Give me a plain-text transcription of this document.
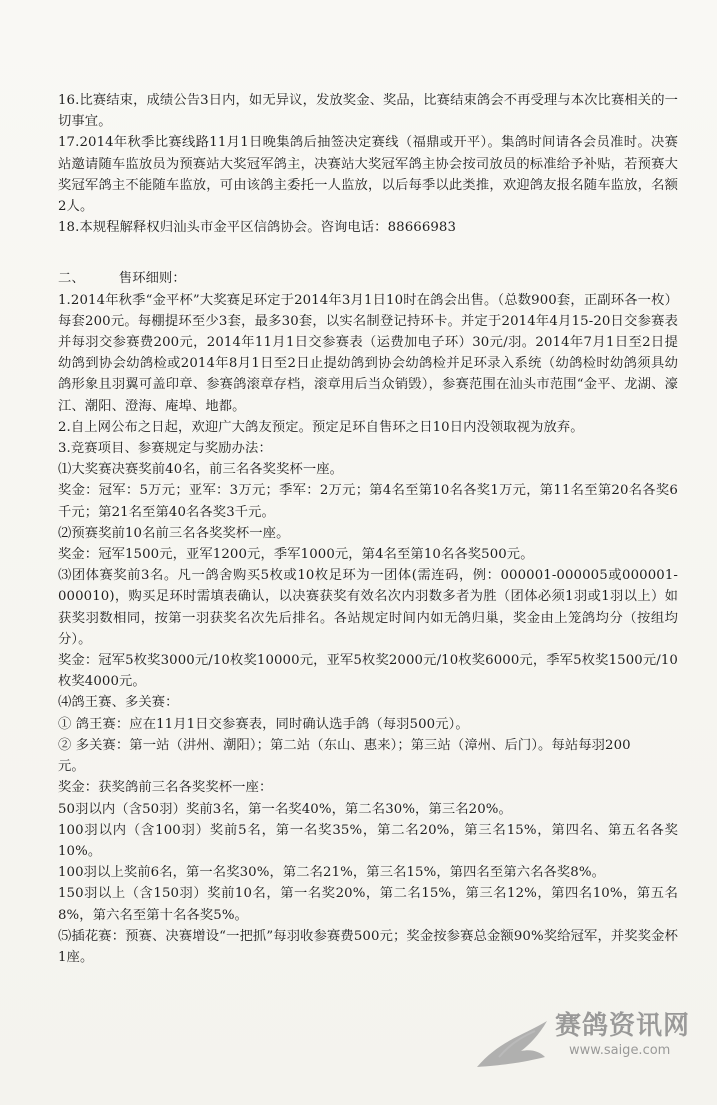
16.比赛结束，成绩公告3日内，如无异议，发放奖金、奖品，比赛结束鸽会不再受理与本次比赛相关的一切事宜。

17.2014年秋季比赛线路11月1日晚集鸽后抽签决定赛线（福鼎或开平）。集鸽时间请各会员准时。决赛站邀请随车监放员为预赛站大奖冠军鸽主，决赛站大奖冠军鸽主协会按司放员的标准给予补贴，若预赛大奖冠军鸽主不能随车监放，可由该鸽主委托一人监放，以后每季以此类推，欢迎鸽友报名随车监放，名额2人。

18.本规程解释权归汕头市金平区信鸽协会。咨询电话：88666983

二、	售环细则：

1.2014年秋季“金平杯”大奖赛足环定于2014年3月1日10时在鸽会出售。（总数900套，正副环各一枚）每套200元。每棚提环至少3套，最多30套，以实名制登记持环卡。并定于2014年4月15-20日交参赛表并每羽交参赛费200元，2014年11月1日交参赛表（运费加电子环）30元/羽。2014年7月1日至2日提幼鸽到协会幼鸽检或2014年8月1日至2日止提幼鸽到协会幼鸽检并足环录入系统（幼鸽检时幼鸽须具幼鸽形象且羽翼可盖印章、参赛鸽滚章存档，滚章用后当众销毁），参赛范围在汕头市范围“金平、龙湖、濠江、潮阳、澄海、庵埠、地都。

2.自上网公布之日起，欢迎广大鸽友预定。预定足环自售环之日10日内没领取视为放弃。

3.竞赛项目、参赛规定与奖励办法：

⑴大奖赛决赛奖前40名，前三名各奖奖杯一座。

奖金：冠军：5万元；亚军：3万元；季军：2万元；第4名至第10名各奖1万元，第11名至第20名各奖6千元；第21名至第40名各奖3千元。

⑵预赛奖前10名前三名各奖奖杯一座。

奖金：冠军1500元，亚军1200元，季军1000元，第4名至第10名各奖500元。

⑶团体赛奖前3名。凡一鸽舍购买5枚或10枚足环为一团体(需连码，例：000001-000005或000001-000010)，购买足环时需填表确认，以决赛获奖有效名次内羽数多者为胜（团体必须1羽或1羽以上）如获奖羽数相同，按第一羽获奖名次先后排名。各站规定时间内如无鸽归巢，奖金由上笼鸽均分（按组均分）。

奖金：冠军5枚奖3000元/10枚奖10000元，亚军5枚奖2000元/10枚奖6000元，季军5枚奖1500元/10枚奖4000元。

⑷鸽王赛、多关赛：

① 鸽王赛：应在11月1日交参赛表，同时确认选手鸽（每羽500元）。

② 多关赛：第一站（汫州、潮阳）；第二站（东山、惠来）；第三站（漳州、后门）。每站每羽200

元。

奖金：获奖鸽前三名各奖奖杯一座：

50羽以内（含50羽）奖前3名，第一名奖40%，第二名30%，第三名20%。

100羽以内（含100羽）奖前5名，第一名奖35%，第二名20%，第三名15%，第四名、第五名各奖10%。

100羽以上奖前6名，第一名奖30%，第二名21%，第三名15%，第四名至第六名各奖8%。

150羽以上（含150羽）奖前10名，第一名奖20%，第二名15%，第三名12%，第四名10%，第五名8%，第六名至第十名各奖5%。

⑸插花赛：预赛、决赛增设“一把抓”每羽收参赛费500元；奖金按参赛总金额90%奖给冠军，并奖奖金杯1座。

赛鸽资讯网
www.saige.com
